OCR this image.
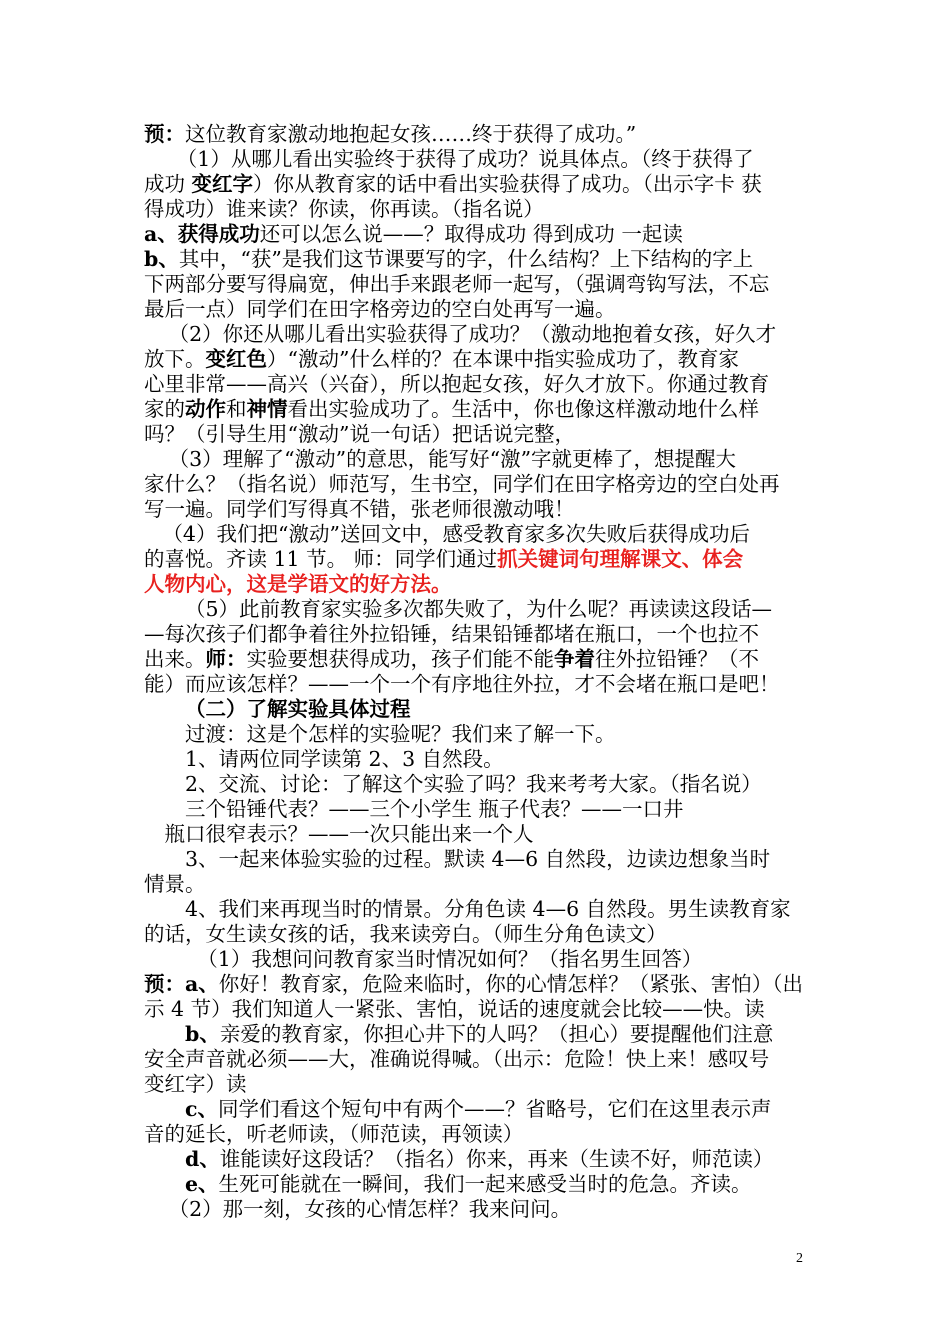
预：这位教育家激动地抱起女孩……终于获得了成功。”
（1）从哪儿看出实验终于获得了成功？说具体点。（终于获得了
成功 变红字）你从教育家的话中看出实验获得了成功。（出示字卡 获
得成功）谁来读？你读，你再读。（指名说）
a、获得成功还可以怎么说——？取得成功 得到成功 一起读
b、其中，“获”是我们这节课要写的字，什么结构？上下结构的字上
下两部分要写得扁宽，伸出手来跟老师一起写，（强调弯钩写法，不忘
最后一点）同学们在田字格旁边的空白处再写一遍。
（2）你还从哪儿看出实验获得了成功？（激动地抱着女孩，好久才
放下。变红色）“激动”什么样的？在本课中指实验成功了，教育家
心里非常——高兴（兴奋），所以抱起女孩，好久才放下。你通过教育
家的动作和神情看出实验成功了。生活中，你也像这样激动地什么样
吗？（引导生用“激动”说一句话）把话说完整，
（3）理解了“激动”的意思，能写好“激”字就更棒了，想提醒大
家什么？（指名说）师范写，生书空，同学们在田字格旁边的空白处再
写一遍。同学们写得真不错，张老师很激动哦！
（4）我们把“激动”送回文中，感受教育家多次失败后获得成功后
的喜悦。齐读 11 节。 师：同学们通过抓关键词句理解课文、体会
人物内心，这是学语文的好方法。
（5）此前教育家实验多次都失败了，为什么呢？再读读这段话—
—每次孩子们都争着往外拉铅锤，结果铅锤都堵在瓶口，一个也拉不
出来。师：实验要想获得成功，孩子们能不能争着往外拉铅锤？（不
能）而应该怎样？——一个一个有序地往外拉，才不会堵在瓶口是吧！
（二）了解实验具体过程
过渡：这是个怎样的实验呢？我们来了解一下。
1、请两位同学读第 2、3 自然段。
2、交流、讨论：了解这个实验了吗？我来考考大家。（指名说）
三个铅锤代表？——三个小学生 瓶子代表？——一口井
瓶口很窄表示？——一次只能出来一个人
3、一起来体验实验的过程。默读 4—6 自然段，边读边想象当时
情景。
4、我们来再现当时的情景。分角色读 4—6 自然段。男生读教育家
的话，女生读女孩的话，我来读旁白。（师生分角色读文）
（1）我想问问教育家当时情况如何？（指名男生回答）
预：a、你好！教育家，危险来临时，你的心情怎样？（紧张、害怕）（出
示 4 节）我们知道人一紧张、害怕，说话的速度就会比较——快。读
b、亲爱的教育家，你担心井下的人吗？（担心）要提醒他们注意
安全声音就必须——大，准确说得喊。（出示：危险！快上来！感叹号
变红字）读
c、同学们看这个短句中有两个——？省略号，它们在这里表示声
音的延长，听老师读，（师范读，再领读）
d、谁能读好这段话？（指名）你来，再来（生读不好，师范读）
e、生死可能就在一瞬间，我们一起来感受当时的危急。齐读。
（2）那一刻，女孩的心情怎样？我来问问。
2
